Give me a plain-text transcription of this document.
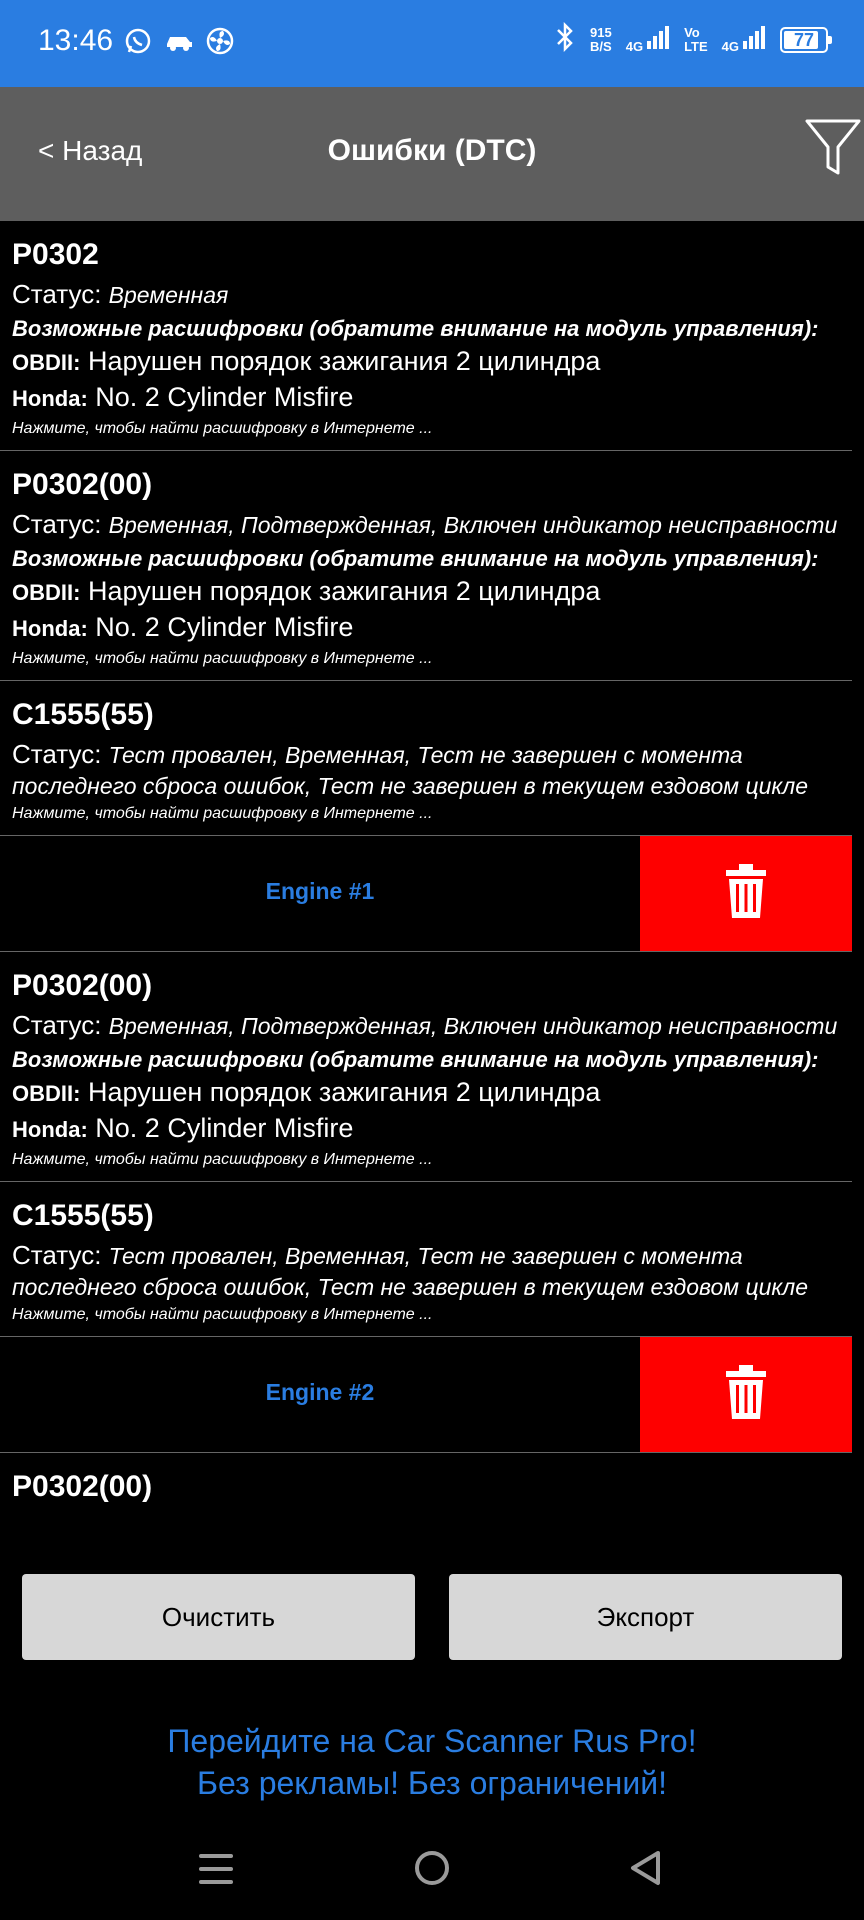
13:46	915
B/S 4G
Vo
LTE 4G	77
< Назад	Ошибки (DTC)
P0302
Статус: Временная
Возможные расшифровки (обратите внимание на модуль управления):
OBDII: Нарушен порядок зажигания 2 цилиндра
Honda: No. 2 Cylinder Misfire
Нажмите, чтобы найти расшифровку в Интернете ...
P0302(00)
Статус: Временная, Подтвержденная, Включен индикатор неисправности
Возможные расшифровки (обратите внимание на модуль управления):
OBDII: Нарушен порядок зажигания 2 цилиндра
Honda: No. 2 Cylinder Misfire
Нажмите, чтобы найти расшифровку в Интернете ...
C1555(55)
Статус: Тест провален, Временная, Тест не завершен с момента последнего сброса ошибок, Тест не завершен в текущем ездовом цикле
Нажмите, чтобы найти расшифровку в Интернете ...
Engine #1
P0302(00)
Статус: Временная, Подтвержденная, Включен индикатор неисправности
Возможные расшифровки (обратите внимание на модуль управления):
OBDII: Нарушен порядок зажигания 2 цилиндра
Honda: No. 2 Cylinder Misfire
Нажмите, чтобы найти расшифровку в Интернете ...
C1555(55)
Статус: Тест провален, Временная, Тест не завершен с момента последнего сброса ошибок, Тест не завершен в текущем ездовом цикле
Нажмите, чтобы найти расшифровку в Интернете ...
Engine #2
P0302(00)
Очистить	Экспорт
Перейдите на Car Scanner Rus Pro!
Без рекламы! Без ограничений!
